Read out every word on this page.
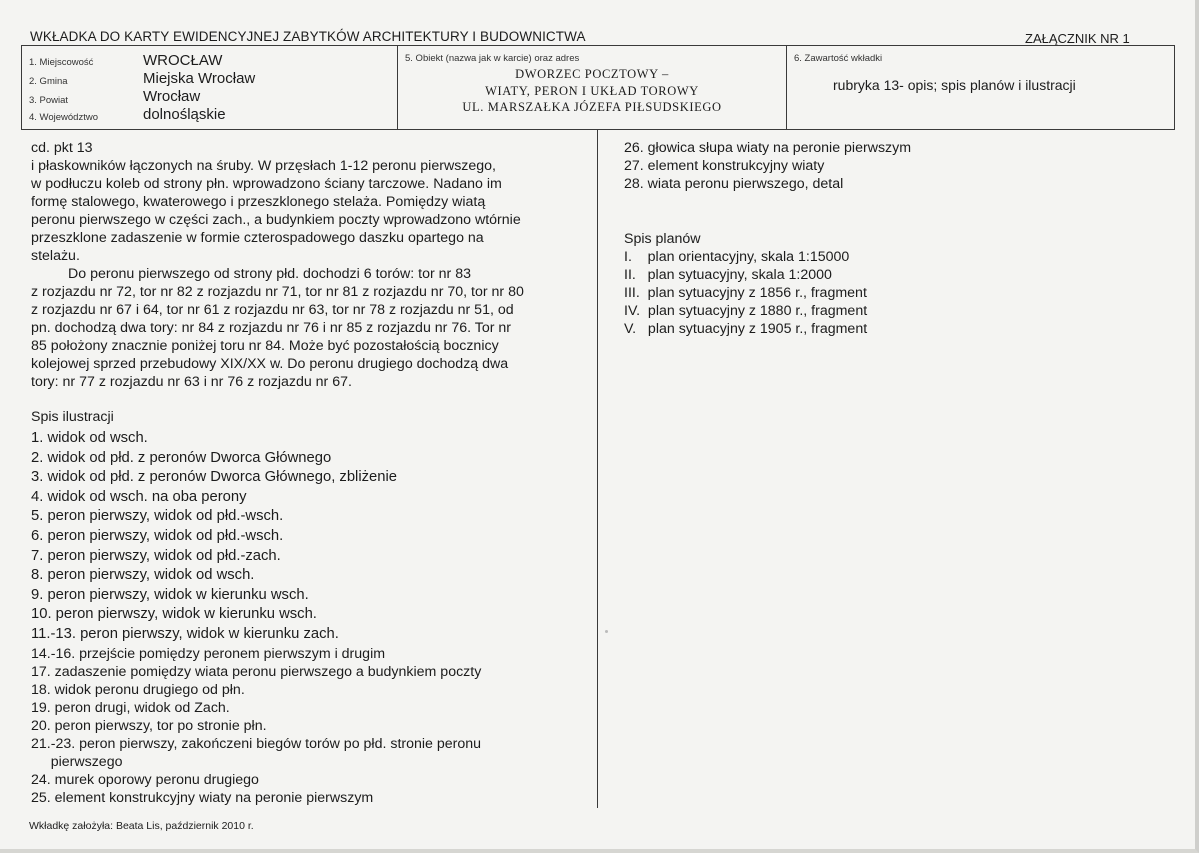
WKŁADKA DO KARTY EWIDENCYJNEJ ZABYTKÓW ARCHITEKTURY I BUDOWNICTWA	ZAŁĄCZNIK NR 1
1. Miejscowość	WROCŁAW
2. Gmina	Miejska Wrocław
3. Powiat	Wrocław
4. Województwo	dolnośląskie
5. Obiekt (nazwa jak w karcie) oraz adres
DWORZEC POCZTOWY –
WIATY, PERON I UKŁAD TOROWY
UL. MARSZAŁKA JÓZEFA PIŁSUDSKIEGO
6. Zawartość wkładki
rubryka 13- opis; spis planów i ilustracji
cd. pkt 13
i płaskowników łączonych na śruby. W przęsłach 1-12 peronu pierwszego,
w podłuczu koleb od strony płn. wprowadzono ściany tarczowe. Nadano im
formę stalowego, kwaterowego i przeszklonego stelaża. Pomiędzy wiatą
peronu pierwszego w części zach., a budynkiem poczty wprowadzono wtórnie
przeszklone zadaszenie w formie czterospadowego daszku opartego na
stelażu.
Do peronu pierwszego od strony płd. dochodzi 6 torów: tor nr 83
z rozjazdu nr 72, tor nr 82 z rozjazdu nr 71, tor nr 81 z rozjazdu nr 70, tor nr 80
z rozjazdu nr 67 i 64, tor nr 61 z rozjazdu nr 63, tor nr 78 z rozjazdu nr 51, od
pn. dochodzą dwa tory: nr 84 z rozjazdu nr 76 i nr 85 z rozjazdu nr 76. Tor nr
85 położony znacznie poniżej toru nr 84. Może być pozostałością bocznicy
kolejowej sprzed przebudowy XIX/XX w. Do peronu drugiego dochodzą dwa
tory: nr 77 z rozjazdu nr 63 i nr 76 z rozjazdu nr 67.
Spis ilustracji
1. widok od wsch.
2. widok od płd. z peronów Dworca Głównego
3. widok od płd. z peronów Dworca Głównego, zbliżenie
4. widok od wsch. na oba perony
5. peron pierwszy, widok od płd.-wsch.
6. peron pierwszy, widok od płd.-wsch.
7. peron pierwszy, widok od płd.-zach.
8. peron pierwszy, widok od wsch.
9. peron pierwszy, widok w kierunku wsch.
10. peron pierwszy, widok w kierunku wsch.
11.-13. peron pierwszy, widok w kierunku zach.
14.-16. przejście pomiędzy peronem pierwszym i drugim
17. zadaszenie pomiędzy wiata peronu pierwszego a budynkiem poczty
18. widok peronu drugiego od płn.
19. peron drugi, widok od Zach.
20. peron pierwszy, tor po stronie płn.
21.-23. peron pierwszy, zakończeni biegów torów po płd. stronie peronu
pierwszego
24. murek oporowy peronu drugiego
25. element konstrukcyjny wiaty na peronie pierwszym
26. głowica słupa wiaty na peronie pierwszym
27. element konstrukcyjny wiaty
28. wiata peronu pierwszego, detal
Spis planów
I.    plan orientacyjny, skala 1:15000
II.   plan sytuacyjny, skala 1:2000
III.  plan sytuacyjny z 1856 r., fragment
IV.  plan sytuacyjny z 1880 r., fragment
V.   plan sytuacyjny z 1905 r., fragment
Wkładkę założyła: Beata Lis, październik 2010 r.
